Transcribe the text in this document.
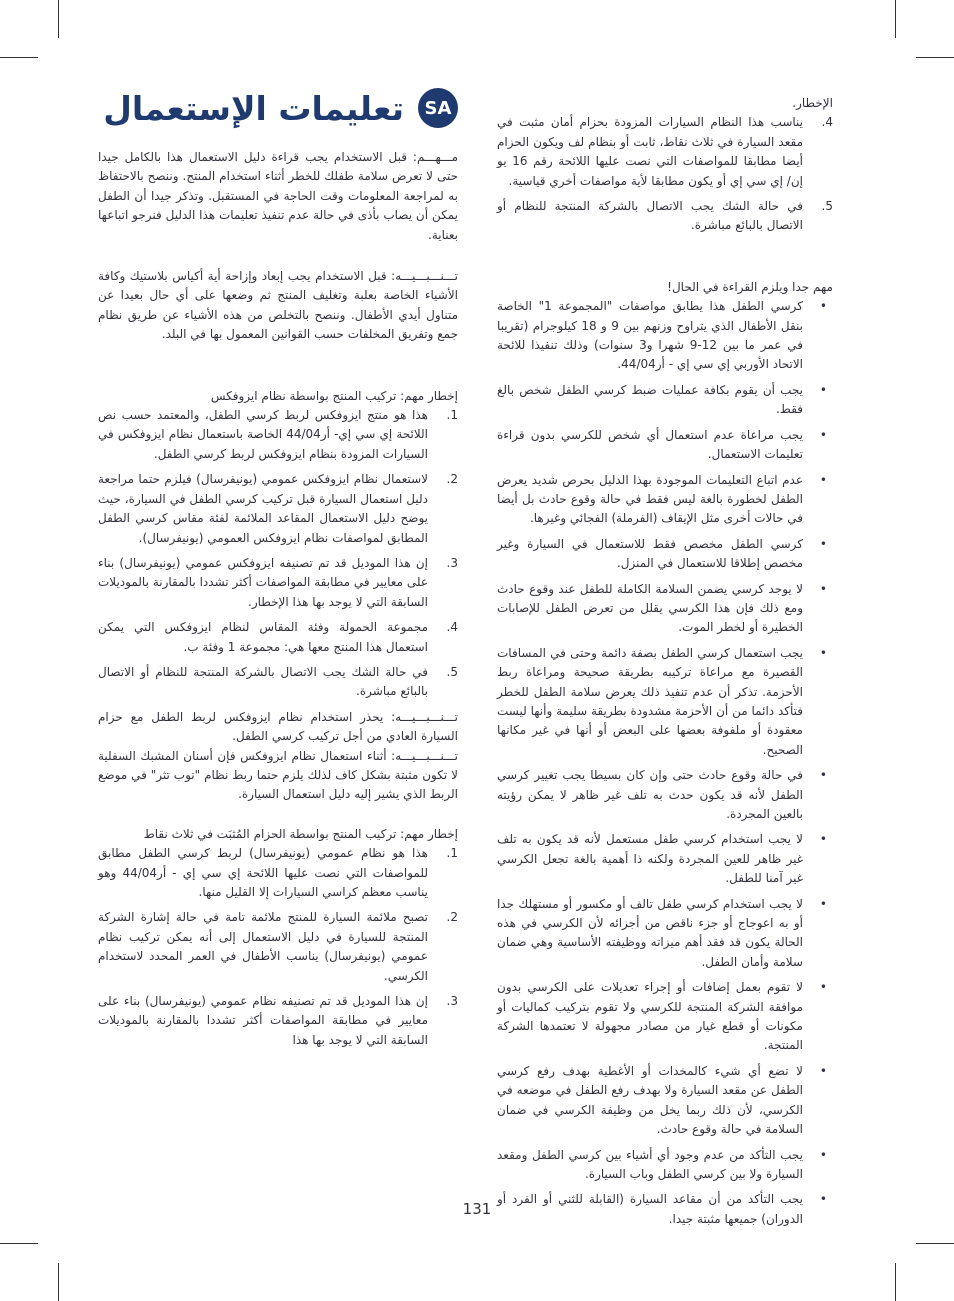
SA
تعليمات الإستعمال	الإخطار.

4.
يناسب هذا النظام السيارات المزودة بحزام أمان مثبت في مقعد السيارة في ثلاث نقاط، ثابت أو بنظام لف ويكون الحزام أيضا مطابقا للمواصفات التي نصت عليها اللائحة رقم 16 يو إن/ إي سي إي أو يكون مطابقا لأية مواصفات أخري قياسية.
5.
في حالة الشك يجب الاتصال بالشركة المنتجة للنظام أو الاتصال بالبائع مباشرة.

مهم جدا ويلزم القراءة في الحال!

•
كرسي الطفل هذا يطابق مواصفات "المجموعة 1" الخاصة بنقل الأطفال الذي يتراوح وزنهم بين 9 و 18 كيلوجرام (تقريبا في عمر ما بين 12-9 شهرا و3 سنوات) وذلك تنفيذا للائحة الاتحاد الأوربي إي سي إي - أر44/04.
•
يجب أن يقوم بكافة عمليات ضبط كرسي الطفل شخص بالغ فقط.
•
يجب مراعاة عدم استعمال أي شخص للكرسي بدون قراءة تعليمات الاستعمال.
•
عدم اتباع التعليمات الموجودة بهذا الدليل بحرص شديد يعرض الطفل لخطورة بالغة ليس فقط في حالة وقوع حادث بل أيضا في حالات أخرى مثل الإيقاف (الفرملة) الفجائي وغيرها.
•
كرسي الطفل مخصص فقط للاستعمال في السيارة وغير مخصص إطلاقا للاستعمال في المنزل.
•
لا يوجد كرسي يضمن السلامة الكاملة للطفل عند وقوع حادث ومع ذلك فإن هذا الكرسي يقلل من تعرض الطفل للإصابات الخطيرة أو لخطر الموت.
•
يجب استعمال كرسي الطفل بصفة دائمة وحتى في المسافات القصيرة مع مراعاة تركيبه بطريقة صحيحة ومراعاة ربط الأحزمة. تذكر أن عدم تنفيذ ذلك يعرض سلامة الطفل للخطر فتأكد دائما من أن الأحزمة مشدودة بطريقة سليمة وأنها ليست معقودة أو ملفوفة بعضها على البعض أو أنها في غير مكانها الصحيح.
•
في حالة وقوع حادث حتى وإن كان بسيطا يجب تغيير كرسي الطفل لأنه قد يكون حدث به تلف غير ظاهر لا يمكن رؤيته بالعين المجردة.
•
لا يجب استخدام كرسي طفل مستعمل لأنه قد يكون به تلف غير ظاهر للعين المجردة ولكنه ذا أهمية بالغة تجعل الكرسي غير آمنا للطفل.
•
لا يجب استخدام كرسي طفل تالف أو مكسور أو مستهلك جدا أو به اعوجاج أو جزء ناقص من أجزائه لأن الكرسي في هذه الحالة يكون قد فقد أهم ميزاته ووظيفته الأساسية وهي ضمان سلامة وأمان الطفل.
•
لا تقوم بعمل إضافات أو إجراء تعديلات على الكرسي بدون موافقة الشركة المنتجة للكرسي ولا تقوم بتركيب كماليات أو مكونات أو قطع غيار من مصادر مجهولة لا تعتمدها الشركة المنتجة.
•
لا تضع أي شيء كالمخدات أو الأغطية بهدف رفع كرسي الطفل عن مقعد السيارة ولا بهدف رفع الطفل في موضعه في الكرسي، لأن ذلك ربما يخل من وظيفة الكرسي في ضمان السلامة في حالة وقوع حادث.
•
يجب التأكد من عدم وجود أي أشياء بين كرسي الطفل ومقعد السيارة ولا بين كرسي الطفل وباب السيارة.
•
يجب التأكد من أن مقاعد السيارة (القابلة للثني أو الفرد أو الدوران) جميعها مثبتة جيدا.

مـــهـــم: قبل الاستخدام يجب قراءة دليل الاستعمال هذا بالكامل جيدا حتى لا تعرض سلامة طفلك للخطر أثناء استخدام المنتج. وننصح بالاحتفاظ به لمراجعة المعلومات وقت الحاجة في المستقبل. وتذكر جيدا أن الطفل يمكن أن يصاب بأذى في حالة عدم تنفيذ تعليمات هذا الدليل فنرجو اتباعها بعناية.

تـــنـــبـــيـــه: قبل الاستخدام يجب إبعاد وإزاحة أية أكياس بلاستيك وكافة الأشياء الخاصة بعلبة وتغليف المنتج ثم وضعها على أي حال بعيدا عن متناول أيدي الأطفال. وننصح بالتخلص من هذه الأشياء عن طريق نظام جمع وتفريق المخلفات حسب القوانين المعمول بها في البلد.

إخطار مهم: تركيب المنتج بواسطة نظام ايزوفكس

1.
هذا هو منتج ايزوفكس لربط كرسي الطفل، والمعتمد حسب نص اللائحة إي سي إي- أر44/04 الخاصة باستعمال نظام ايزوفكس في السيارات المزودة بنظام ايزوفكس لربط كرسي الطفل.
2.
لاستعمال نظام ايزوفكس عمومي (يونيفرسال) فيلزم حتما مراجعة دليل استعمال السيارة قبل تركيب كرسي الطفل في السيارة، حيث يوضح دليل الاستعمال المقاعد الملائمة لفئة مقاس كرسي الطفل المطابق لمواصفات نظام ايزوفكس العمومي (يونيفرسال).
3.
إن هذا الموديل قد تم تصنيفه ايزوفكس عمومي (يونيفرسال) بناء على معايير في مطابقة المواصفات أكثر تشددا بالمقارنة بالموديلات السابقة التي لا يوجد بها هذا الإخطار.
4.
مجموعة الحمولة وفئة المقاس لنظام ايزوفكس التي يمكن استعمال هذا المنتج معها هي: مجموعة 1 وفئة ب.
5.
في حالة الشك يجب الاتصال بالشركة المنتجة للنظام أو الاتصال بالبائع مباشرة.

تـــنـــبـــيـــه: يحذر استخدام نظام ايزوفكس لربط الطفل مع حزام السيارة العادي من أجل تركيب كرسي الطفل.

تـــنـــبـــيـــه: أثناء استعمال نظام ايزوفكس فإن أسنان المشبك السفلية لا تكون مثبتة بشكل كاف لذلك يلزم حتما ربط نظام "توب تثر" في موضع الربط الذي يشير إليه دليل استعمال السيارة.

إخطار مهم: تركيب المنتج بواسطة الحزام المُثبَت في ثلاث نقاط

1.
هذا هو نظام عمومي (يونيفرسال) لربط كرسي الطفل مطابق للمواصفات التي نصت عليها اللائحة إي سي إي - أر44/04 وهو يناسب معظم كراسي السيارات إلا القليل منها.
2.
تصبح ملائمة السيارة للمنتج ملائمة تامة في حالة إشارة الشركة المنتجة للسيارة في دليل الاستعمال إلى أنه يمكن تركيب نظام عمومي (يونيفرسال) يناسب الأطفال في العمر المحدد لاستخدام الكرسي.
3.
إن هذا الموديل قد تم تصنيفه نظام عمومي (يونيفرسال) بناء على معايير في مطابقة المواصفات أكثر تشددا بالمقارنة بالموديلات السابقة التي لا يوجد بها هذا
131
